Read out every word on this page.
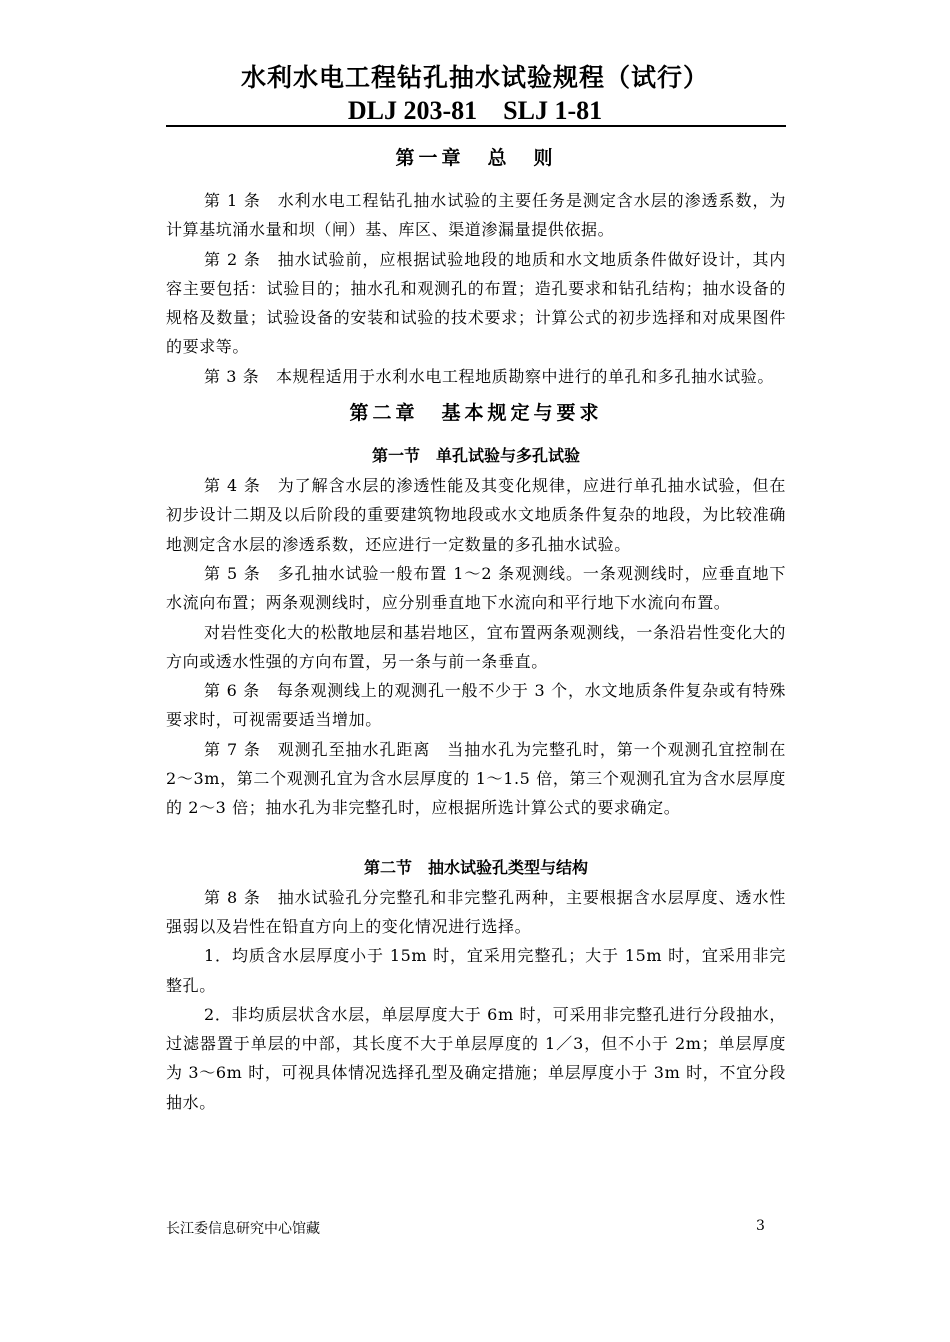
水利水电工程钻孔抽水试验规程（试行）
DLJ 203-81　SLJ 1-81
第一章　总　则

第 1 条　水利水电工程钻孔抽水试验的主要任务是测定含水层的渗透系数，为计算基坑涌水量和坝（闸）基、库区、渠道渗漏量提供依据。

第 2 条　抽水试验前，应根据试验地段的地质和水文地质条件做好设计，其内容主要包括：试验目的；抽水孔和观测孔的布置；造孔要求和钻孔结构；抽水设备的规格及数量；试验设备的安装和试验的技术要求；计算公式的初步选择和对成果图件的要求等。

第 3 条　本规程适用于水利水电工程地质勘察中进行的单孔和多孔抽水试验。

第二章　基本规定与要求
第一节　单孔试验与多孔试验

第 4 条　为了解含水层的渗透性能及其变化规律，应进行单孔抽水试验，但在初步设计二期及以后阶段的重要建筑物地段或水文地质条件复杂的地段，为比较准确地测定含水层的渗透系数，还应进行一定数量的多孔抽水试验。

第 5 条　多孔抽水试验一般布置 1～2 条观测线。一条观测线时，应垂直地下水流向布置；两条观测线时，应分别垂直地下水流向和平行地下水流向布置。

对岩性变化大的松散地层和基岩地区，宜布置两条观测线，一条沿岩性变化大的方向或透水性强的方向布置，另一条与前一条垂直。

第 6 条　每条观测线上的观测孔一般不少于 3 个，水文地质条件复杂或有特殊要求时，可视需要适当增加。

第 7 条　观测孔至抽水孔距离　当抽水孔为完整孔时，第一个观测孔宜控制在 2～3m，第二个观测孔宜为含水层厚度的 1～1.5 倍，第三个观测孔宜为含水层厚度的 2～3 倍；抽水孔为非完整孔时，应根据所选计算公式的要求确定。

第二节　抽水试验孔类型与结构

第 8 条　抽水试验孔分完整孔和非完整孔两种，主要根据含水层厚度、透水性强弱以及岩性在铅直方向上的变化情况进行选择。

1．均质含水层厚度小于 15m 时，宜采用完整孔；大于 15m 时，宜采用非完整孔。

2．非均质层状含水层，单层厚度大于 6m 时，可采用非完整孔进行分段抽水，过滤器置于单层的中部，其长度不大于单层厚度的 1／3，但不小于 2m；单层厚度为 3～6m 时，可视具体情况选择孔型及确定措施；单层厚度小于 3m 时，不宜分段抽水。

长江委信息研究中心馆藏	3
